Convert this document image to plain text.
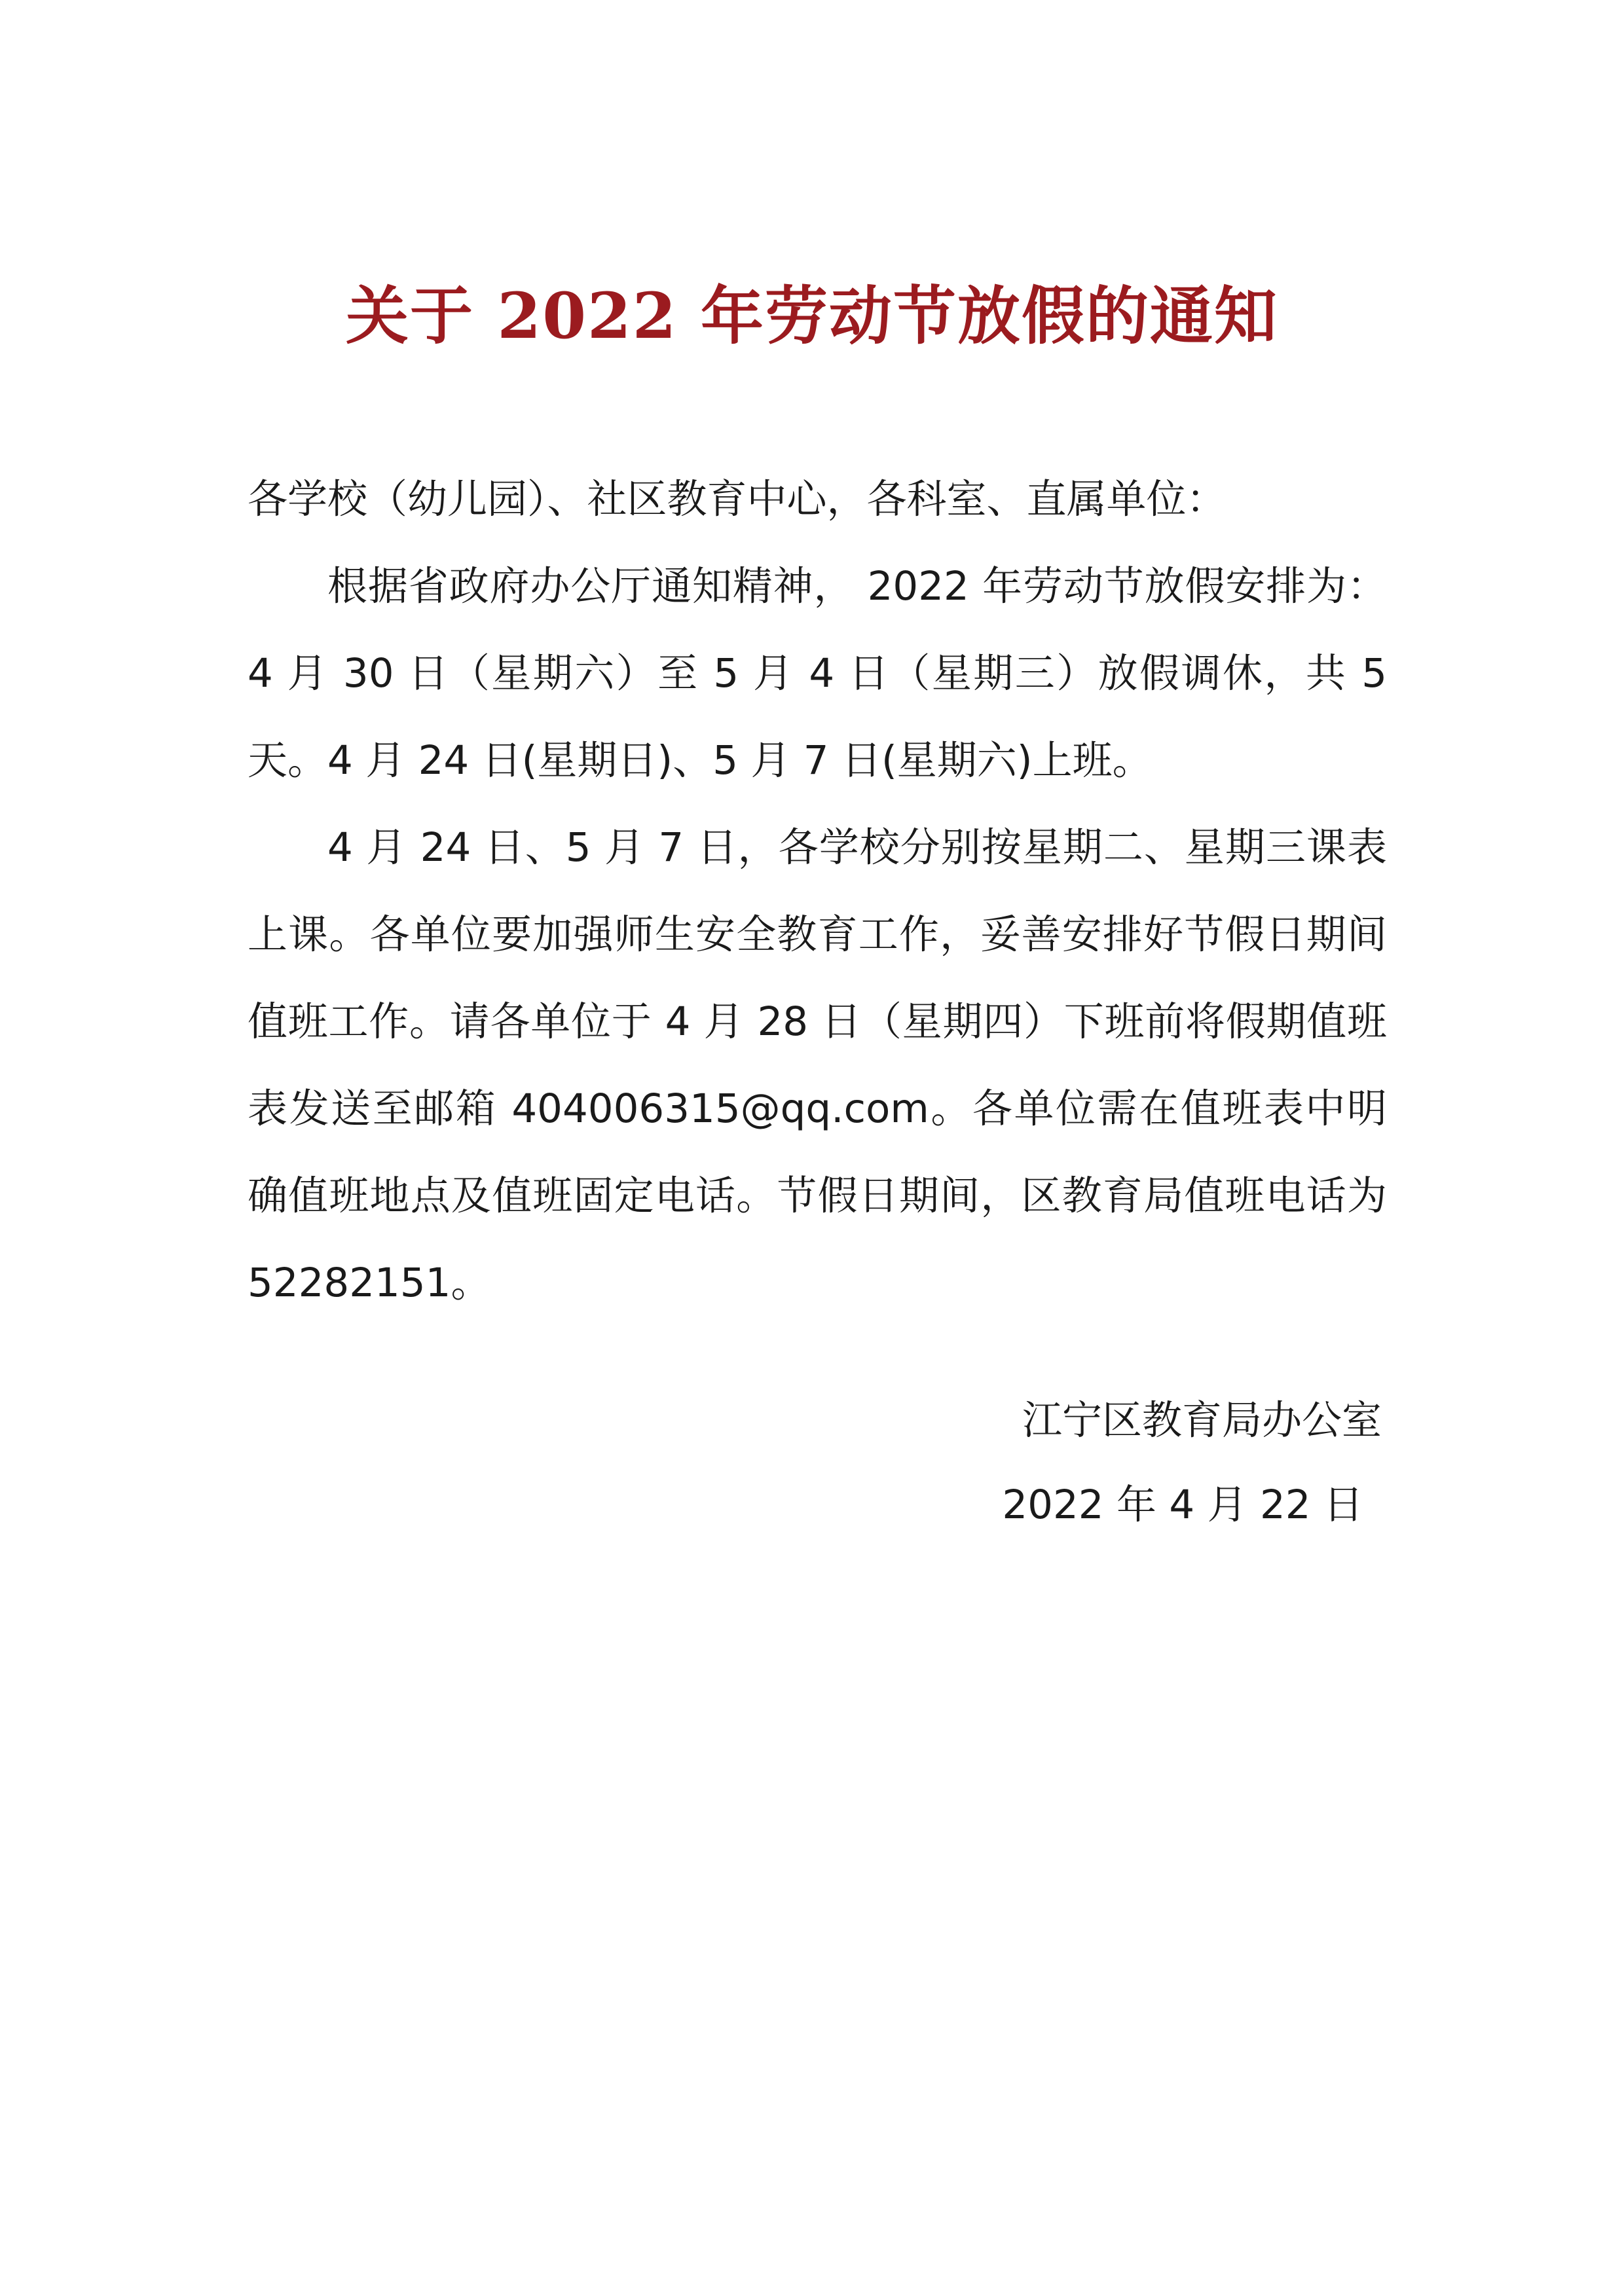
关于 2022 年劳动节放假的通知

各学校（幼儿园）、社区教育中心，各科室、直属单位：

根据省政府办公厅通知精神， 2022 年劳动节放假安排为：4 月 30 日（星期六）至 5 月 4 日（星期三）放假调休，共 5 天。4 月 24 日(星期日)、5 月 7 日(星期六)上班。

4 月 24 日、5 月 7 日，各学校分别按星期二、星期三课表上课。各单位要加强师生安全教育工作，妥善安排好节假日期间值班工作。请各单位于 4 月 28 日（星期四）下班前将假期值班表发送至邮箱 404006315@qq.com。各单位需在值班表中明确值班地点及值班固定电话。节假日期间，区教育局值班电话为 52282151。

江宁区教育局办公室
2022 年 4 月 22 日
